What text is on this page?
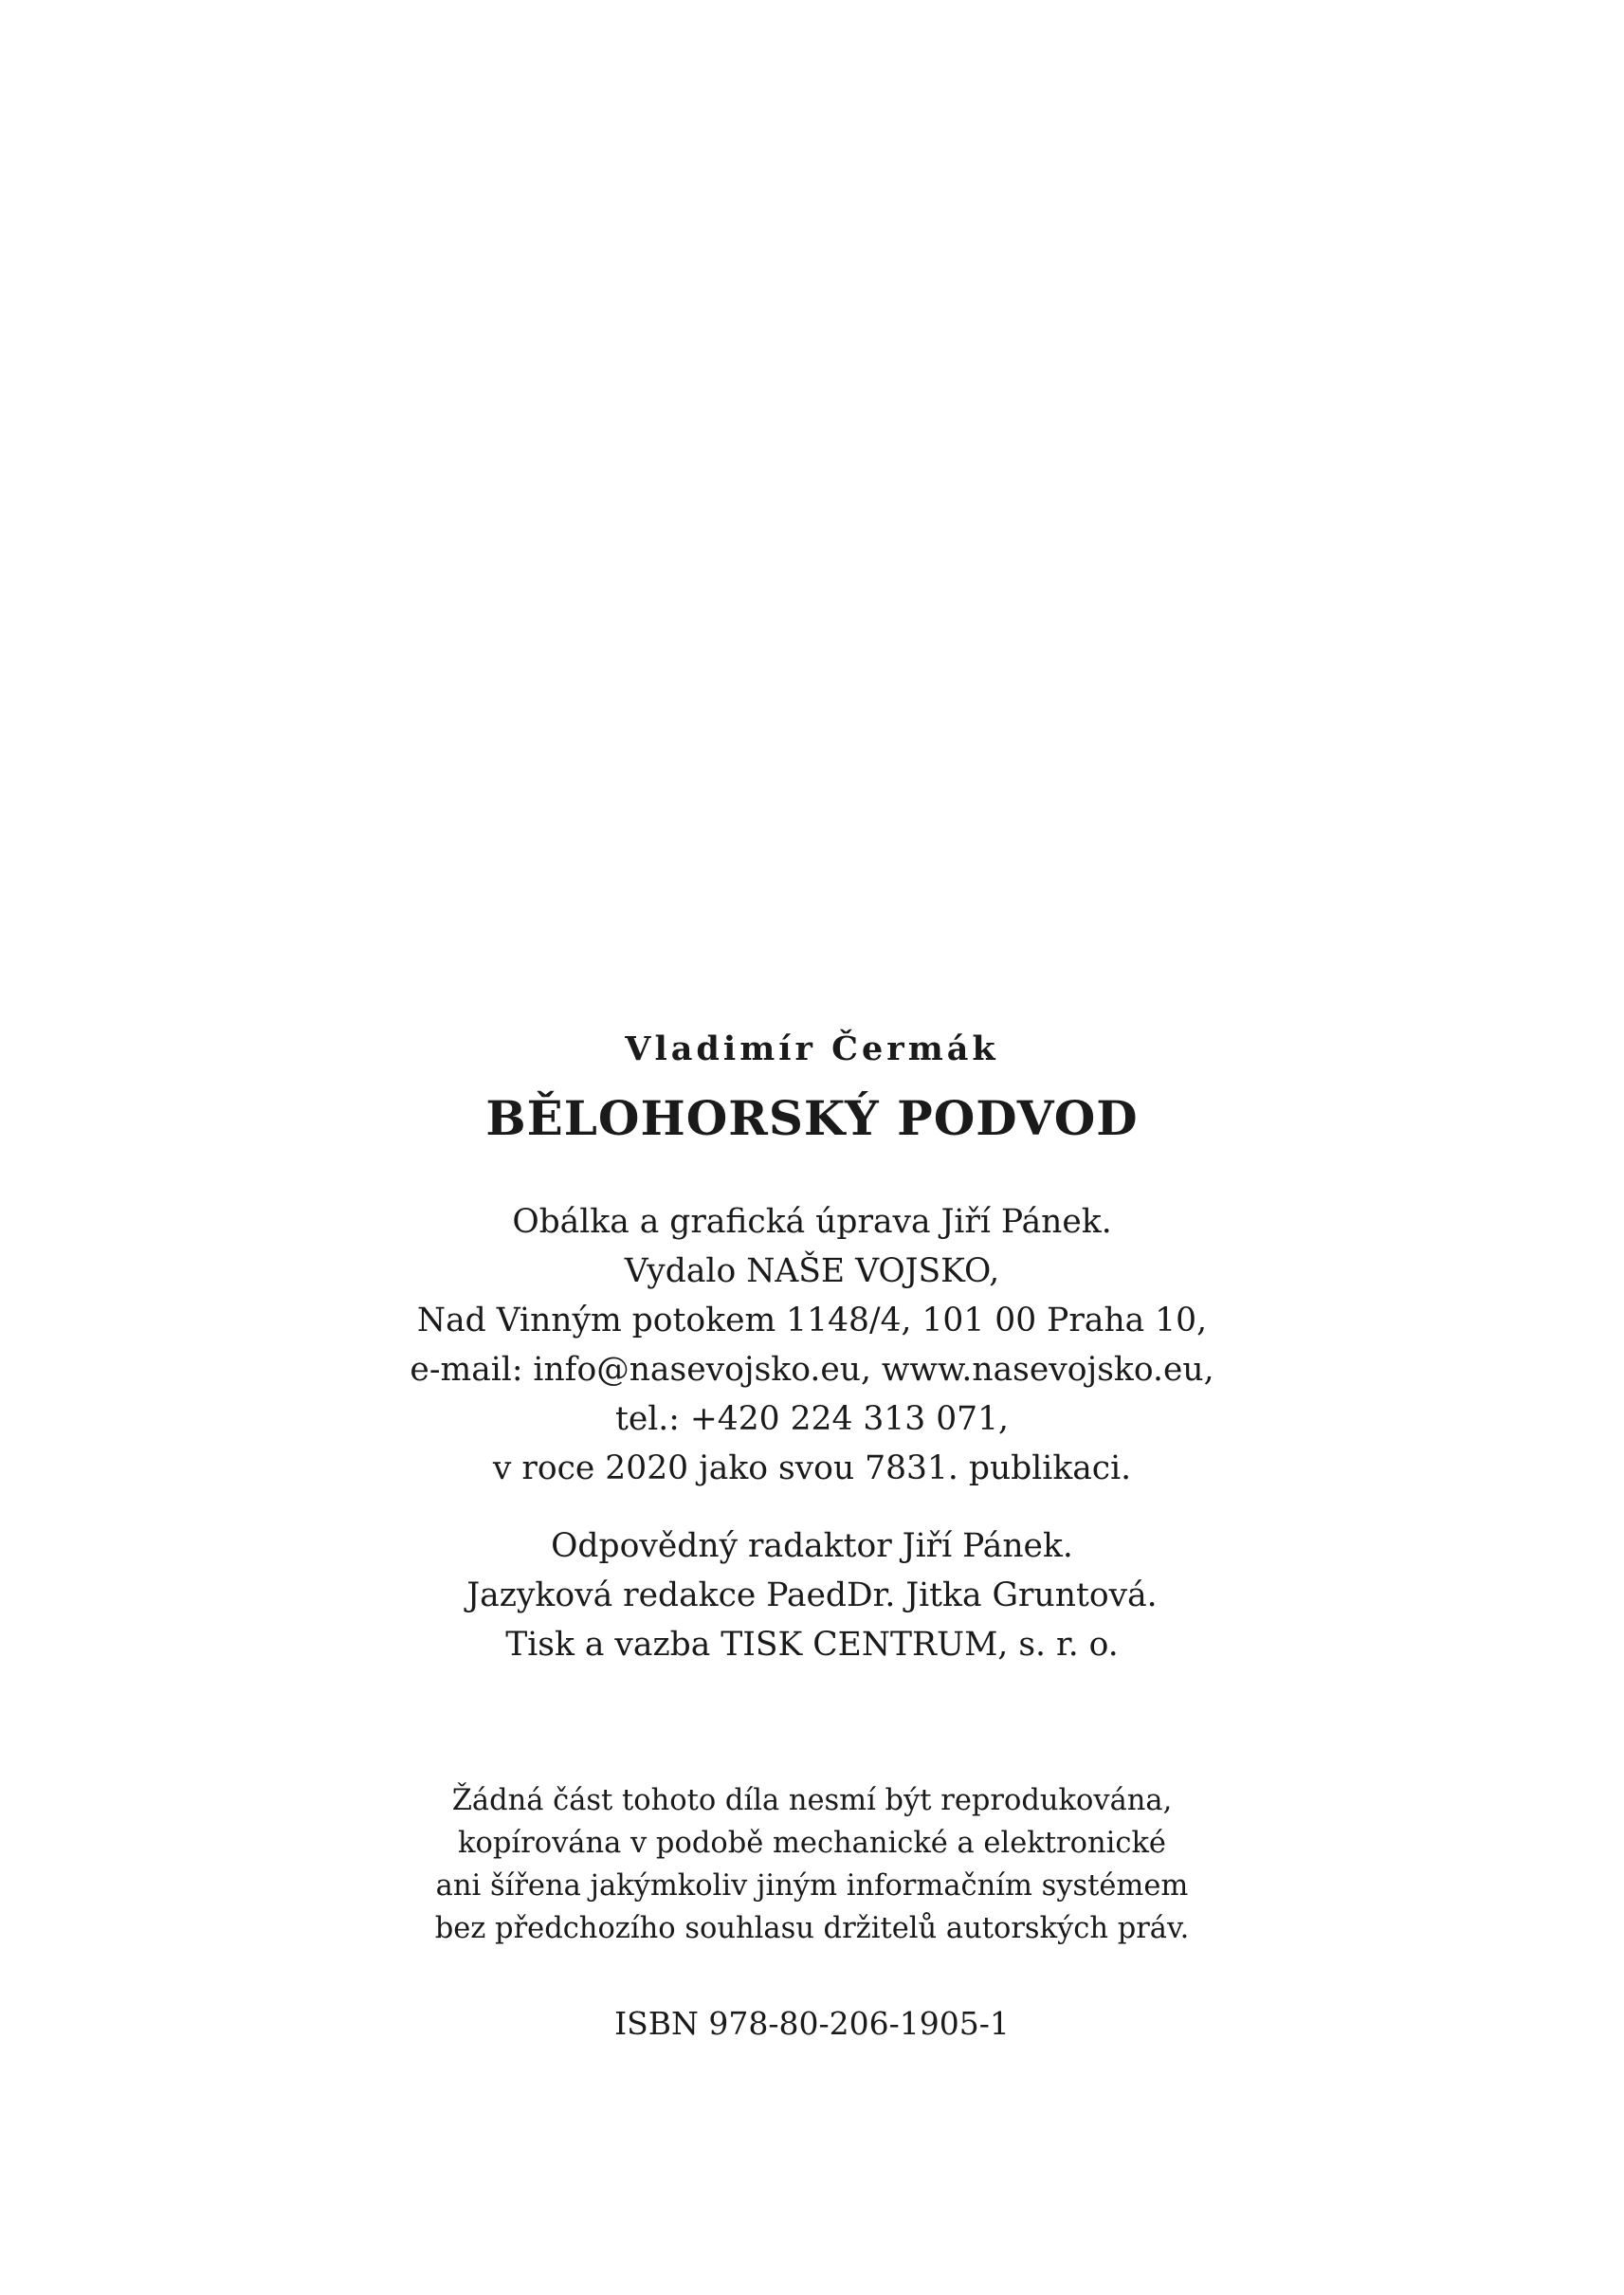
Vladimír Čermák
BĚLOHORSKÝ PODVOD
Obálka a grafická úprava Jiří Pánek.
Vydalo NAŠE VOJSKO,
Nad Vinným potokem 1148/4, 101 00 Praha 10,
e-mail: info@nasevojsko.eu, www.nasevojsko.eu,
tel.: +420 224 313 071,
v roce 2020 jako svou 7831. publikaci.
Odpovědný radaktor Jiří Pánek.
Jazyková redakce PaedDr. Jitka Gruntová.
Tisk a vazba TISK CENTRUM, s. r. o.
Žádná část tohoto díla nesmí být reprodukována,
kopírována v podobě mechanické a elektronické
ani šířena jakýmkoliv jiným informačním systémem
bez předchozího souhlasu držitelů autorských práv.
ISBN 978-80-206-1905-1
